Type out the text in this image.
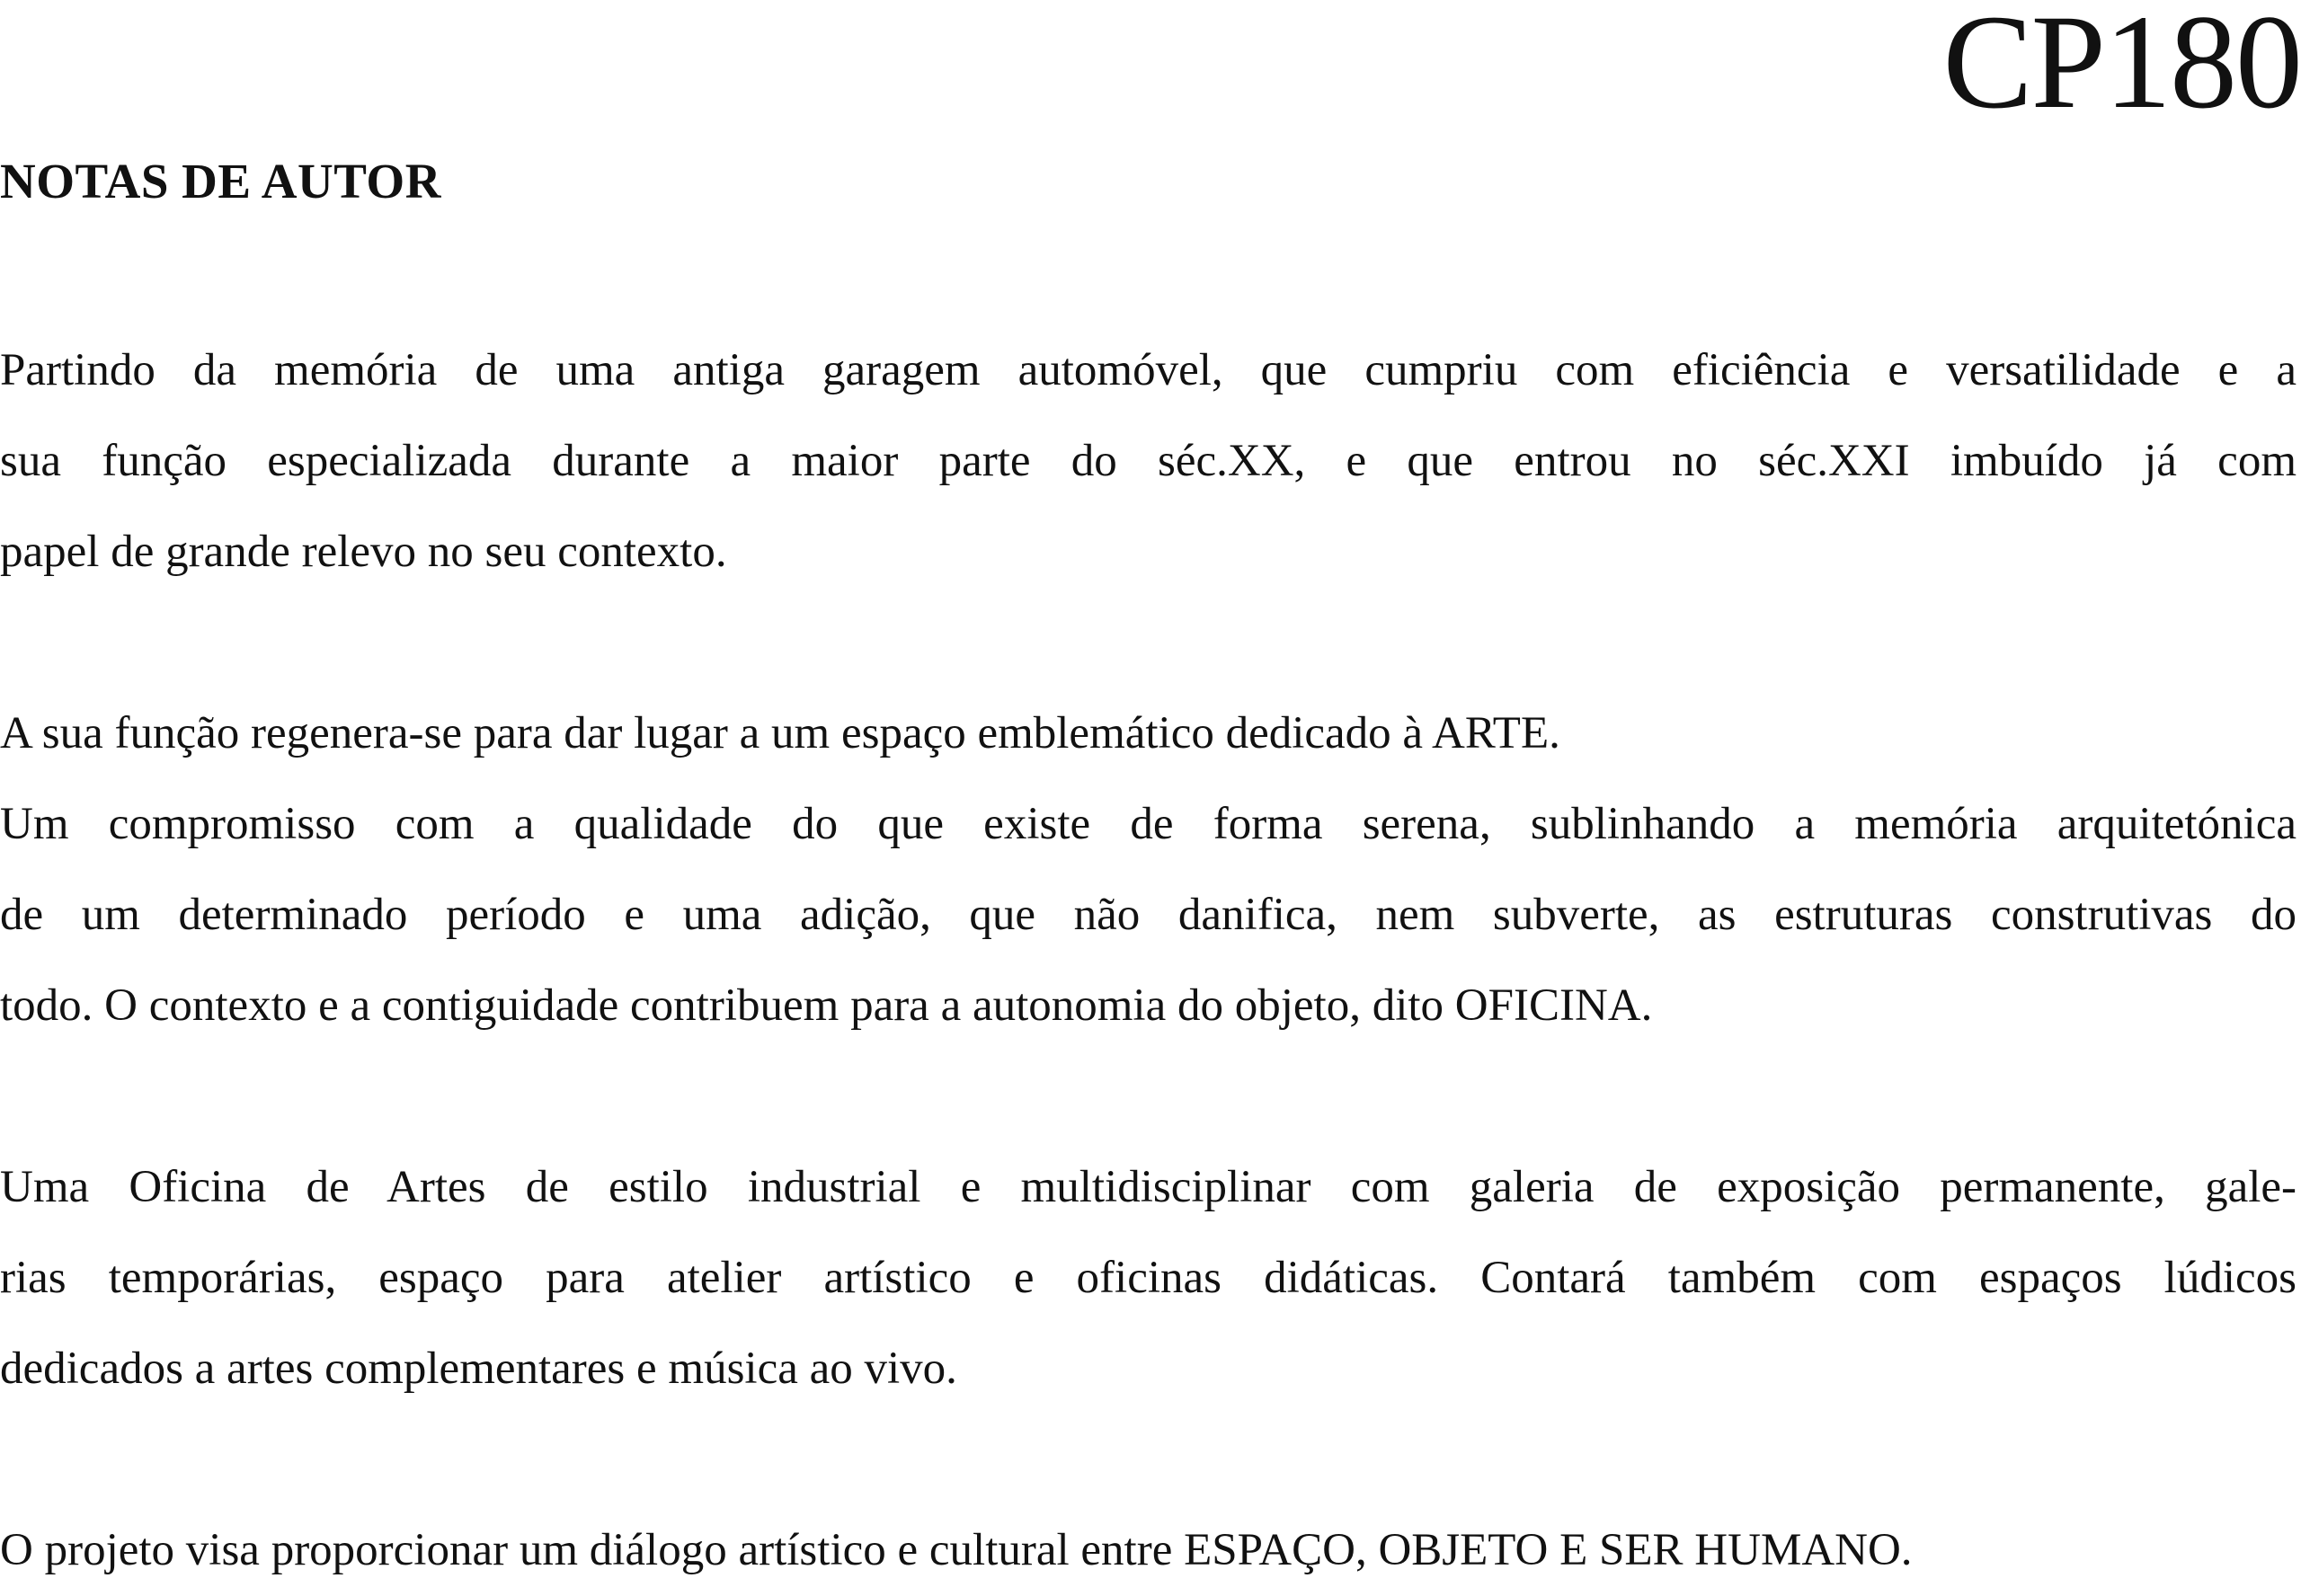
CP180
NOTAS DE AUTOR

Partindo da memória de uma antiga garagem automóvel, que cumpriu com eficiência e versatilidade e a
sua função especializada durante a maior parte do séc.XX, e que entrou no séc.XXI imbuído já com
papel de grande relevo no seu contexto.

A sua função regenera-se para dar lugar a um espaço emblemático dedicado à ARTE.

Um compromisso com a qualidade do que existe de forma serena, sublinhando a memória arquitetónica
de um determinado período e uma adição, que não danifica, nem subverte, as estruturas construtivas do
todo. O contexto e a contiguidade contribuem para a autonomia do objeto, dito OFICINA.

Uma Oficina de Artes de estilo industrial e multidisciplinar com galeria de exposição permanente, gale-
rias temporárias, espaço para atelier artístico e oficinas didáticas. Contará também com espaços lúdicos
dedicados a artes complementares e música ao vivo.

O projeto visa proporcionar um diálogo artístico e cultural entre ESPAÇO, OBJETO E SER HUMANO.
